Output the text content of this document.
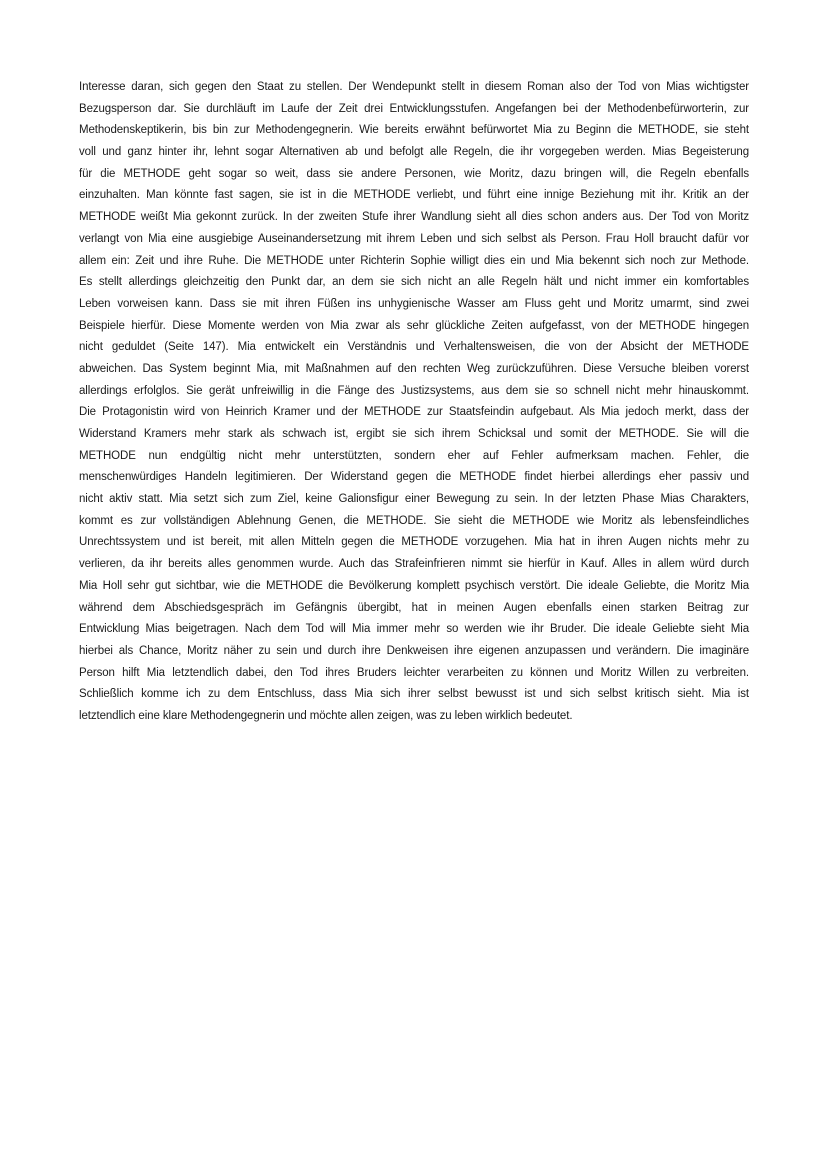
Interesse daran, sich gegen den Staat zu stellen. Der Wendepunkt stellt in diesem Roman also der Tod von Mias wichtigster
Bezugsperson dar. Sie durchläuft im Laufe der Zeit drei Entwicklungsstufen. Angefangen bei der Methodenbefürworterin, zur
Methodenskeptikerin, bis bin zur Methodengegnerin. Wie bereits erwähnt befürwortet Mia zu Beginn die METHODE, sie steht
voll und ganz hinter ihr, lehnt sogar Alternativen ab und befolgt alle Regeln, die ihr vorgegeben werden. Mias Begeisterung
für die METHODE geht sogar so weit, dass sie andere Personen, wie Moritz, dazu bringen will, die Regeln ebenfalls
einzuhalten. Man könnte fast sagen, sie ist in die METHODE verliebt, und führt eine innige Beziehung mit ihr. Kritik an der
METHODE weißt Mia gekonnt zurück. In der zweiten Stufe ihrer Wandlung sieht all dies schon anders aus. Der Tod von Moritz
verlangt von Mia eine ausgiebige Auseinandersetzung mit ihrem Leben und sich selbst als Person. Frau Holl braucht dafür vor
allem ein: Zeit und ihre Ruhe. Die METHODE unter Richterin Sophie willigt dies ein und Mia bekennt sich noch zur Methode.
Es stellt allerdings gleichzeitig den Punkt dar, an dem sie sich nicht an alle Regeln hält und nicht immer ein komfortables
Leben vorweisen kann. Dass sie mit ihren Füßen ins unhygienische Wasser am Fluss geht und Moritz umarmt, sind zwei
Beispiele hierfür. Diese Momente werden von Mia zwar als sehr glückliche Zeiten aufgefasst, von der METHODE hingegen
nicht geduldet (Seite 147). Mia entwickelt ein Verständnis und Verhaltensweisen, die von der Absicht der METHODE
abweichen. Das System beginnt Mia, mit Maßnahmen auf den rechten Weg zurückzuführen. Diese Versuche bleiben vorerst
allerdings erfolglos. Sie gerät unfreiwillig in die Fänge des Justizsystems, aus dem sie so schnell nicht mehr hinauskommt.
Die Protagonistin wird von Heinrich Kramer und der METHODE zur Staatsfeindin aufgebaut. Als Mia jedoch merkt, dass der
Widerstand Kramers mehr stark als schwach ist, ergibt sie sich ihrem Schicksal und somit der METHODE. Sie will die
METHODE nun endgültig nicht mehr unterstützten, sondern eher auf Fehler aufmerksam machen. Fehler, die
menschenwürdiges Handeln legitimieren. Der Widerstand gegen die METHODE findet hierbei allerdings eher passiv und
nicht aktiv statt. Mia setzt sich zum Ziel, keine Galionsfigur einer Bewegung zu sein. In der letzten Phase Mias Charakters,
kommt es zur vollständigen Ablehnung Genen, die METHODE. Sie sieht die METHODE wie Moritz als lebensfeindliches
Unrechtssystem und ist bereit, mit allen Mitteln gegen die METHODE vorzugehen. Mia hat in ihren Augen nichts mehr zu
verlieren, da ihr bereits alles genommen wurde. Auch das Strafeinfrieren nimmt sie hierfür in Kauf. Alles in allem würd durch
Mia Holl sehr gut sichtbar, wie die METHODE die Bevölkerung komplett psychisch verstört. Die ideale Geliebte, die Moritz Mia
während dem Abschiedsgespräch im Gefängnis übergibt, hat in meinen Augen ebenfalls einen starken Beitrag zur
Entwicklung Mias beigetragen. Nach dem Tod will Mia immer mehr so werden wie ihr Bruder. Die ideale Geliebte sieht Mia
hierbei als Chance, Moritz näher zu sein und durch ihre Denkweisen ihre eigenen anzupassen und verändern. Die imaginäre
Person hilft Mia letztendlich dabei, den Tod ihres Bruders leichter verarbeiten zu können und Moritz Willen zu verbreiten.
Schließlich komme ich zu dem Entschluss, dass Mia sich ihrer selbst bewusst ist und sich selbst kritisch sieht. Mia ist
letztendlich eine klare Methodengegnerin und möchte allen zeigen, was zu leben wirklich bedeutet.
